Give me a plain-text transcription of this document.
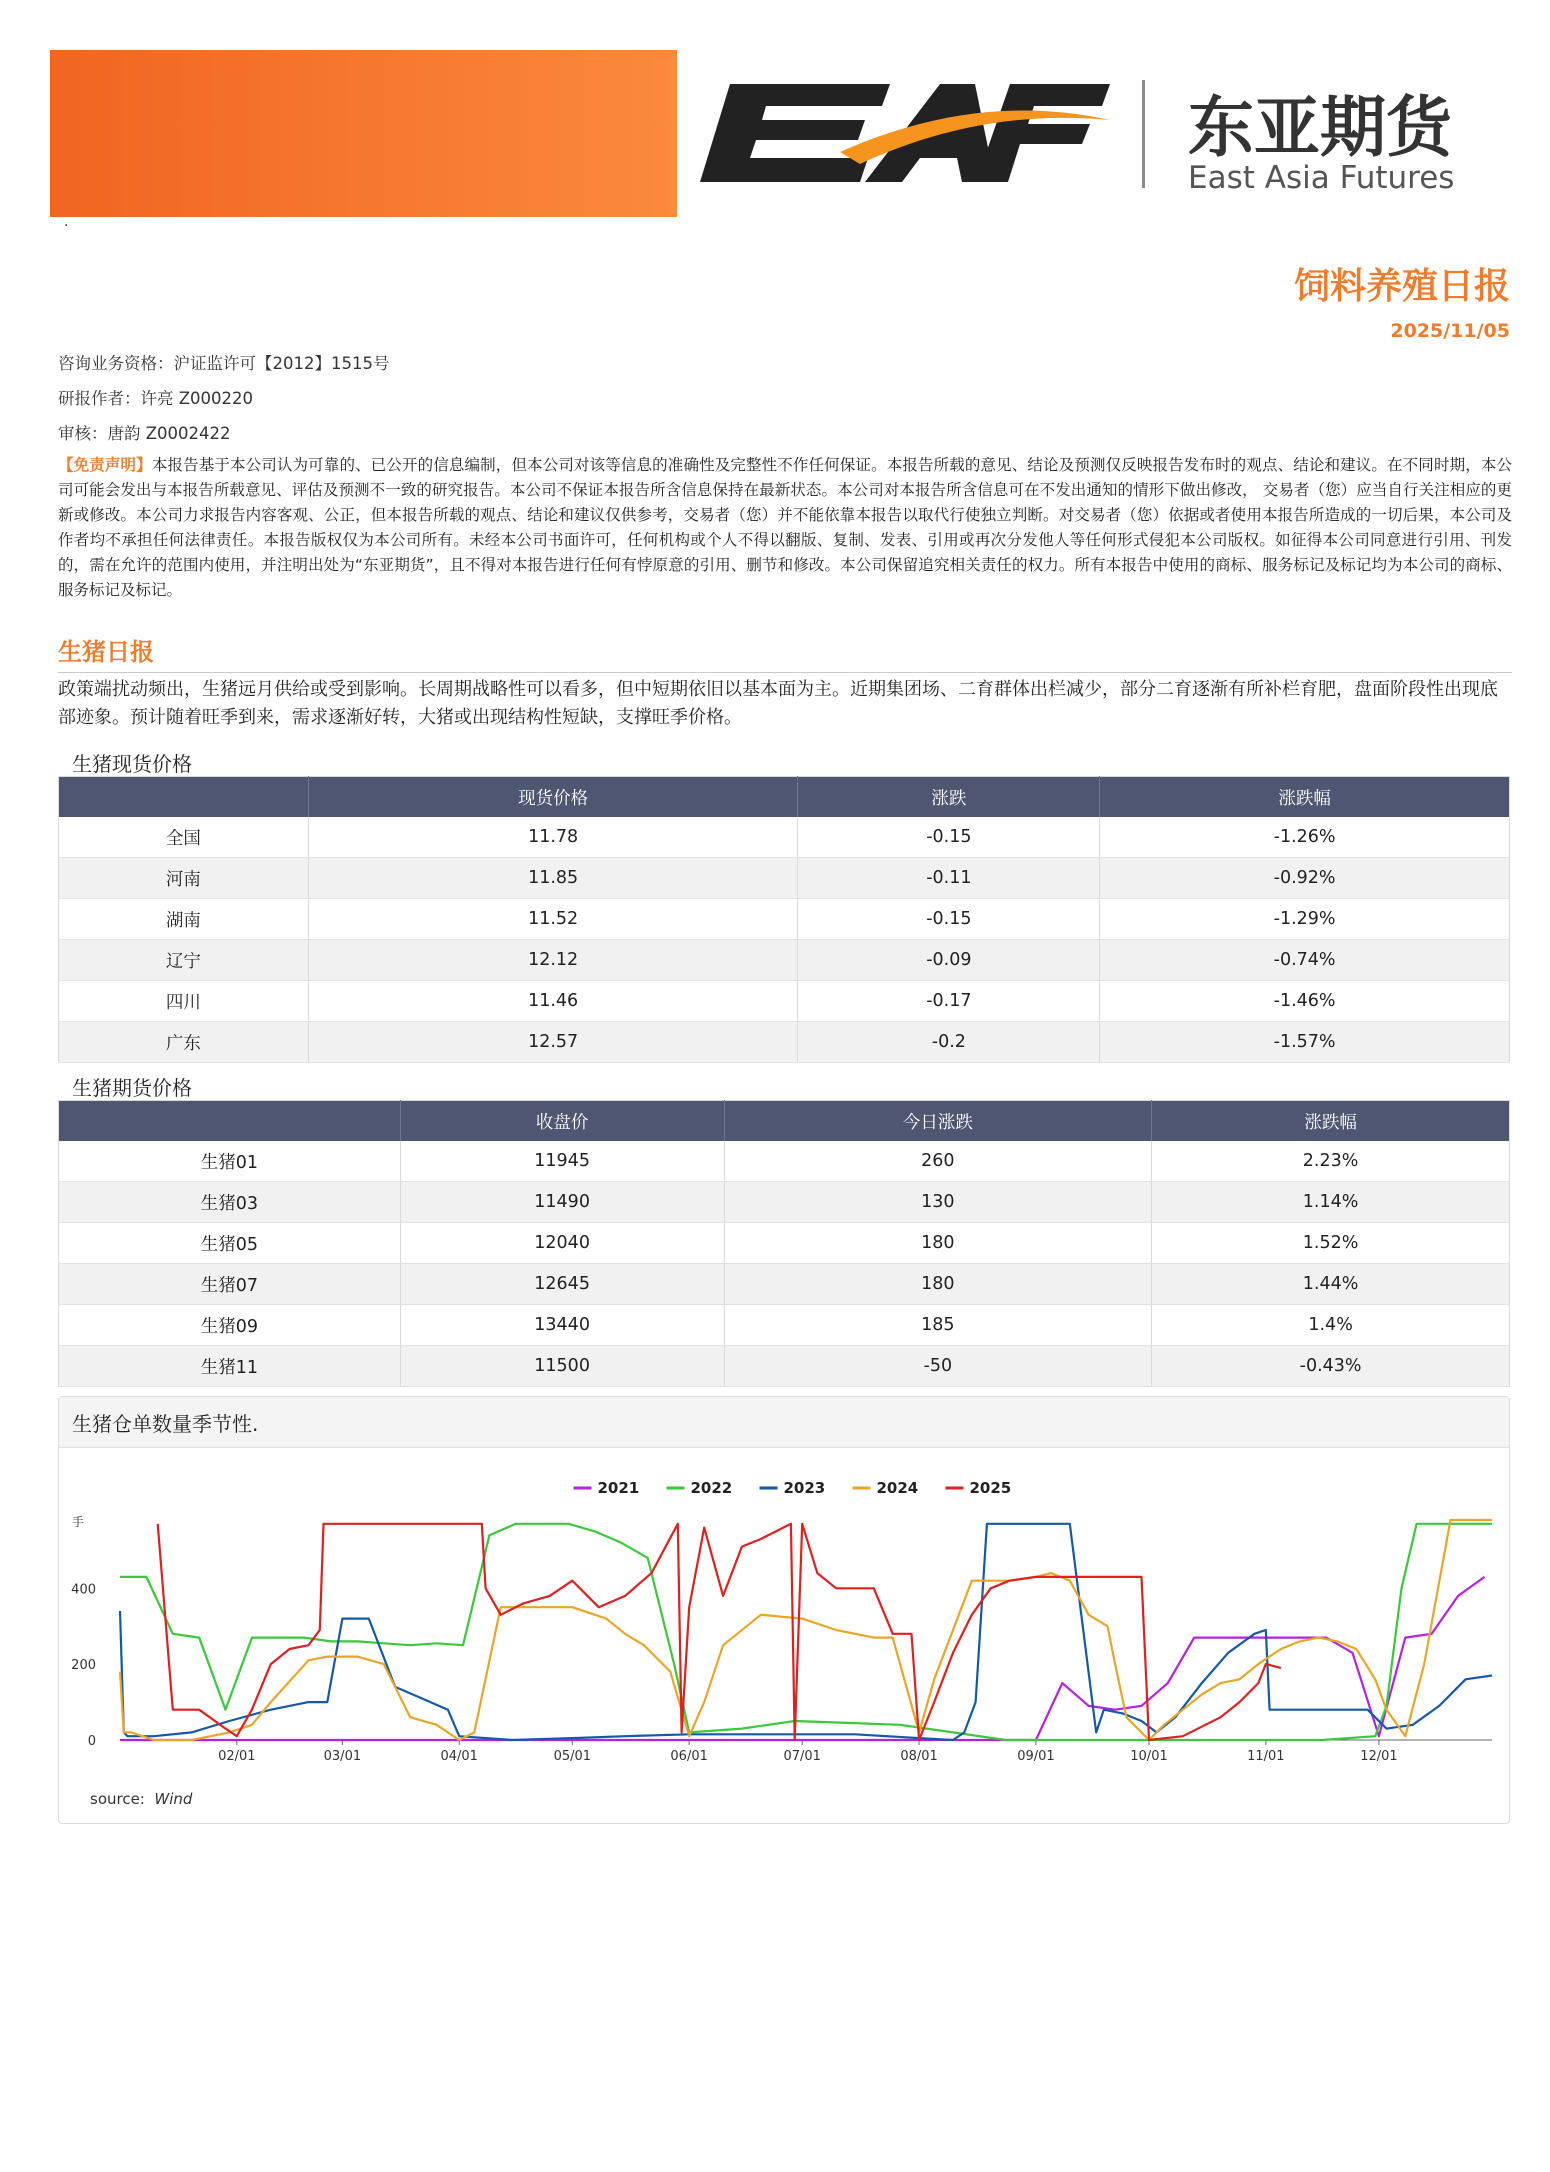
东亚期货
East Asia Futures
·
饲料养殖日报
2025/11/05
咨询业务资格：沪证监许可【2012】1515号
研报作者：许亮 Z000220
审核：唐韵 Z0002422
【免责声明】本报告基于本公司认为可靠的、已公开的信息编制，但本公司对该等信息的准确性及完整性不作任何保证。本报告所载的意见、结论及预测仅反映报告发布时的观点、结论和建议。在不同时期，本公司可能会发出与本报告所载意见、评估及预测不一致的研究报告。本公司不保证本报告所含信息保持在最新状态。本公司对本报告所含信息可在不发出通知的情形下做出修改， 交易者（您）应当自行关注相应的更新或修改。本公司力求报告内容客观、公正，但本报告所载的观点、结论和建议仅供参考，交易者（您）并不能依靠本报告以取代行使独立判断。对交易者（您）依据或者使用本报告所造成的一切后果，本公司及作者均不承担任何法律责任。本报告版权仅为本公司所有。未经本公司书面许可，任何机构或个人不得以翻版、复制、发表、引用或再次分发他人等任何形式侵犯本公司版权。如征得本公司同意进行引用、刊发的，需在允许的范围内使用，并注明出处为“东亚期货”，且不得对本报告进行任何有悖原意的引用、删节和修改。本公司保留追究相关责任的权力。所有本报告中使用的商标、服务标记及标记均为本公司的商标、服务标记及标记。
生猪日报
政策端扰动频出，生猪远月供给或受到影响。长周期战略性可以看多，但中短期依旧以基本面为主。近期集团场、二育群体出栏减少，部分二育逐渐有所补栏育肥，盘面阶段性出现底部迹象。预计随着旺季到来，需求逐渐好转，大猪或出现结构性短缺，支撑旺季价格。
生猪现货价格
	现货价格	涨跌	涨跌幅
全国	11.78	-0.15	-1.26%
河南	11.85	-0.11	-0.92%
湖南	11.52	-0.15	-1.29%
辽宁	12.12	-0.09	-0.74%
四川	11.46	-0.17	-1.46%
广东	12.57	-0.2	-1.57%
生猪期货价格
	收盘价	今日涨跌	涨跌幅
生猪01	11945	260	2.23%
生猪03	11490	130	1.14%
生猪05	12040	180	1.52%
生猪07	12645	180	1.44%
生猪09	13440	185	1.4%
生猪11	11500	-50	-0.43%
生猪仓单数量季节性.
手
0
200
400
02/01	03/01	04/01	05/01	06/01	07/01	08/01	09/01	10/01	11/01	12/01
2021	2022	2023	2024	2025
source: Wind
